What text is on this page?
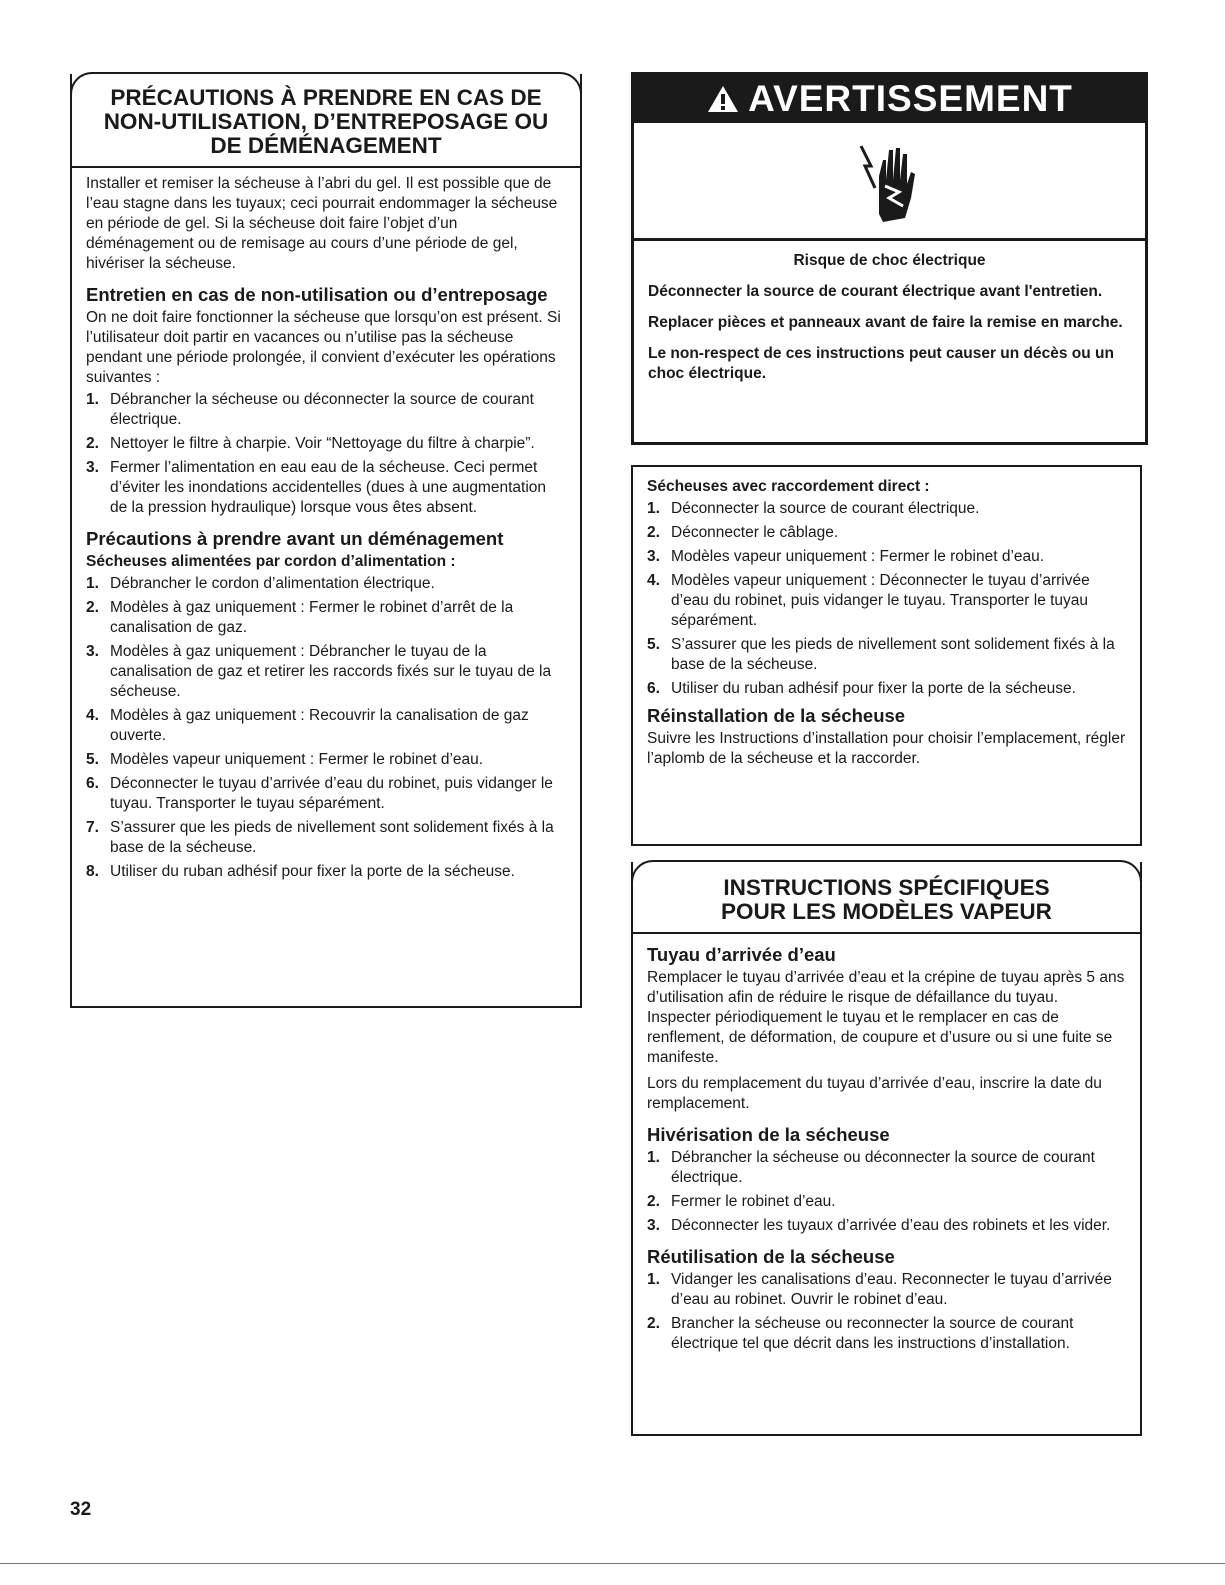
PRÉCAUTIONS À PRENDRE EN CAS DE NON-UTILISATION, D’ENTREPOSAGE OU DE DÉMÉNAGEMENT

Installer et remiser la sécheuse à l’abri du gel. Il est possible que de l’eau stagne dans les tuyaux; ceci pourrait endommager la sécheuse en période de gel. Si la sécheuse doit faire l’objet d’un déménagement ou de remisage au cours d’une période de gel, hivériser la sécheuse.

Entretien en cas de non-utilisation ou d’entreposage

On ne doit faire fonctionner la sécheuse que lorsqu’on est présent. Si l’utilisateur doit partir en vacances ou n’utilise pas la sécheuse pendant une période prolongée, il convient d’exécuter les opérations suivantes :

1. Débrancher la sécheuse ou déconnecter la source de courant électrique.
2. Nettoyer le filtre à charpie. Voir “Nettoyage du filtre à charpie”.
3. Fermer l’alimentation en eau eau de la sécheuse. Ceci permet d’éviter les inondations accidentelles (dues à une augmentation de la pression hydraulique) lorsque vous êtes absent.
Précautions à prendre avant un déménagement
Sécheuses alimentées par cordon d’alimentation :
1. Débrancher le cordon d’alimentation électrique.
2. Modèles à gaz uniquement : Fermer le robinet d’arrêt de la canalisation de gaz.
3. Modèles à gaz uniquement : Débrancher le tuyau de la canalisation de gaz et retirer les raccords fixés sur le tuyau de la sécheuse.
4. Modèles à gaz uniquement : Recouvrir la canalisation de gaz ouverte.
5. Modèles vapeur uniquement : Fermer le robinet d’eau.
6. Déconnecter le tuyau d’arrivée d’eau du robinet, puis vidanger le tuyau. Transporter le tuyau séparément.
7. S’assurer que les pieds de nivellement sont solidement fixés à la base de la sécheuse.
8. Utiliser du ruban adhésif pour fixer la porte de la sécheuse.
AVERTISSEMENT

Risque de choc électrique

Déconnecter la source de courant électrique avant l'entretien.

Replacer pièces et panneaux avant de faire la remise en marche.

Le non-respect de ces instructions peut causer un décès ou un choc électrique.

Sécheuses avec raccordement direct :
1. Déconnecter la source de courant électrique.
2. Déconnecter le câblage.
3. Modèles vapeur uniquement : Fermer le robinet d’eau.
4. Modèles vapeur uniquement : Déconnecter le tuyau d’arrivée d’eau du robinet, puis vidanger le tuyau. Transporter le tuyau séparément.
5. S’assurer que les pieds de nivellement sont solidement fixés à la base de la sécheuse.
6. Utiliser du ruban adhésif pour fixer la porte de la sécheuse.
Réinstallation de la sécheuse

Suivre les Instructions d’installation pour choisir l’emplacement, régler l’aplomb de la sécheuse et la raccorder.

INSTRUCTIONS SPÉCIFIQUES POUR LES MODÈLES VAPEUR
Tuyau d’arrivée d’eau

Remplacer le tuyau d’arrivée d’eau et la crépine de tuyau après 5 ans d’utilisation afin de réduire le risque de défaillance du tuyau. Inspecter périodiquement le tuyau et le remplacer en cas de renflement, de déformation, de coupure et d’usure ou si une fuite se manifeste.

Lors du remplacement du tuyau d’arrivée d’eau, inscrire la date du remplacement.

Hivérisation de la sécheuse
1. Débrancher la sécheuse ou déconnecter la source de courant électrique.
2. Fermer le robinet d’eau.
3. Déconnecter les tuyaux d’arrivée d’eau des robinets et les vider.
Réutilisation de la sécheuse
1. Vidanger les canalisations d’eau. Reconnecter le tuyau d’arrivée d’eau au robinet. Ouvrir le robinet d’eau.
2. Brancher la sécheuse ou reconnecter la source de courant électrique tel que décrit dans les instructions d’installation.
32
